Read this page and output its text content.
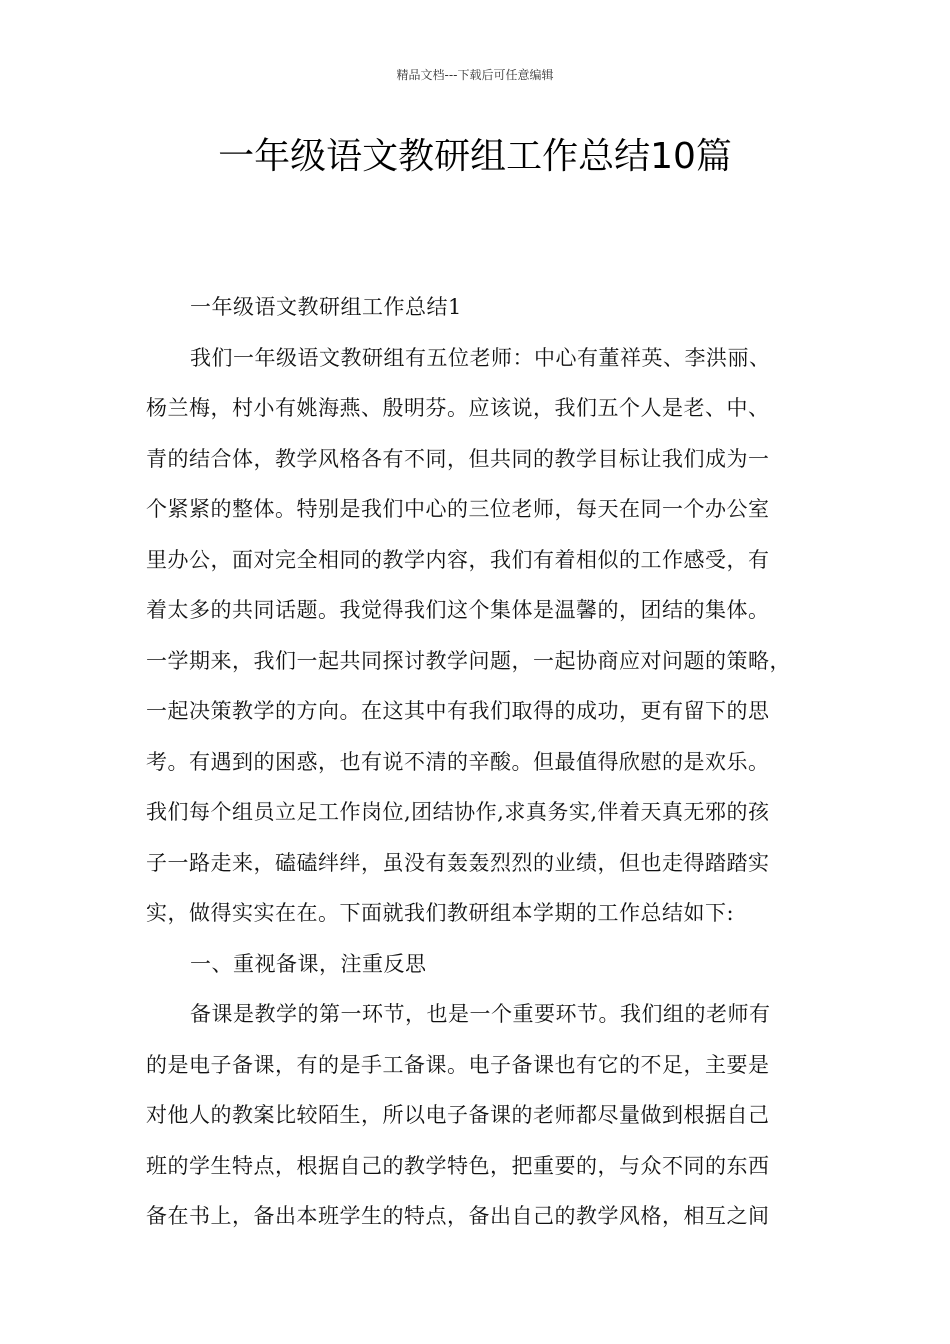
精品文档---下载后可任意编辑
一年级语文教研组工作总结10篇

一年级语文教研组工作总结1

我们一年级语文教研组有五位老师：中心有董祥英、李洪丽、
杨兰梅，村小有姚海燕、殷明芬。应该说，我们五个人是老、中、
青的结合体，教学风格各有不同，但共同的教学目标让我们成为一
个紧紧的整体。特别是我们中心的三位老师，每天在同一个办公室
里办公，面对完全相同的教学内容，我们有着相似的工作感受，有
着太多的共同话题。我觉得我们这个集体是温馨的，团结的集体。
一学期来，我们一起共同探讨教学问题，一起协商应对问题的策略，
一起决策教学的方向。在这其中有我们取得的成功，更有留下的思
考。有遇到的困惑，也有说不清的辛酸。但最值得欣慰的是欢乐。
我们每个组员立足工作岗位,团结协作,求真务实,伴着天真无邪的孩
子一路走来，磕磕绊绊，虽没有轰轰烈烈的业绩，但也走得踏踏实
实，做得实实在在。下面就我们教研组本学期的工作总结如下:

一、重视备课，注重反思

备课是教学的第一环节，也是一个重要环节。我们组的老师有
的是电子备课，有的是手工备课。电子备课也有它的不足，主要是
对他人的教案比较陌生，所以电子备课的老师都尽量做到根据自己
班的学生特点，根据自己的教学特色，把重要的，与众不同的东西
备在书上，备出本班学生的特点，备出自己的教学风格，相互之间
